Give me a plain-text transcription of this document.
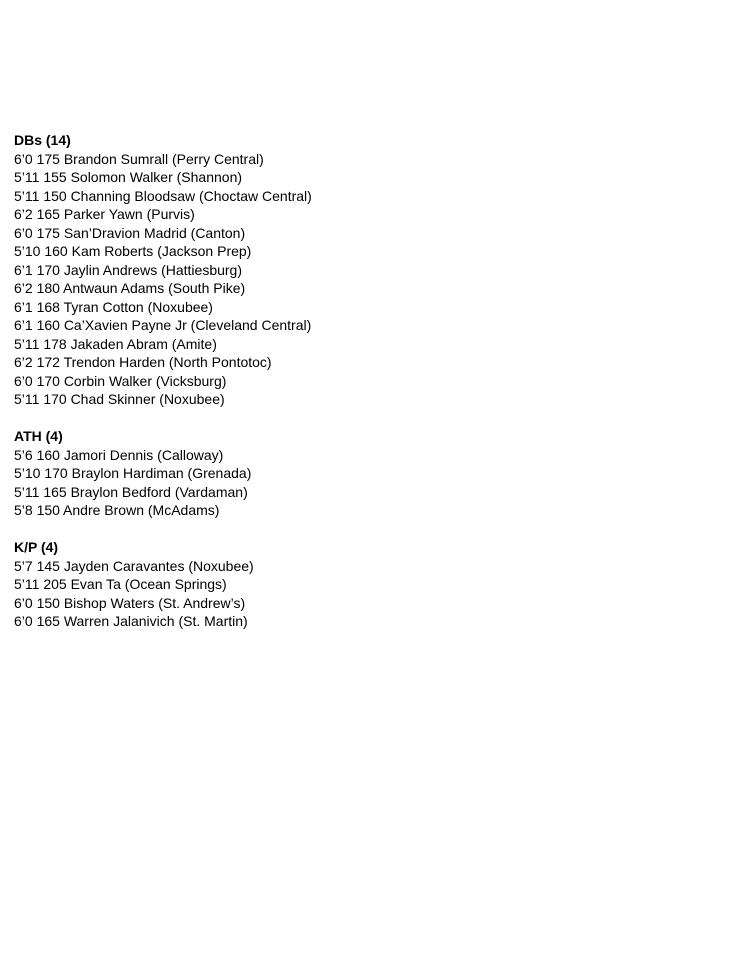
DBs (14)
6’0 175 Brandon Sumrall (Perry Central)
5’11 155 Solomon Walker (Shannon)
5’11 150 Channing Bloodsaw (Choctaw Central)
6’2 165 Parker Yawn (Purvis)
6’0 175 San’Dravion Madrid (Canton)
5’10 160 Kam Roberts (Jackson Prep)
6’1 170 Jaylin Andrews (Hattiesburg)
6’2 180 Antwaun Adams (South Pike)
6’1 168 Tyran Cotton (Noxubee)
6’1 160 Ca’Xavien Payne Jr (Cleveland Central)
5’11 178 Jakaden Abram (Amite)
6’2 172 Trendon Harden (North Pontotoc)
6’0 170 Corbin Walker (Vicksburg)
5’11 170 Chad Skinner (Noxubee)
ATH (4)
5’6 160 Jamori Dennis (Calloway)
5’10 170 Braylon Hardiman (Grenada)
5’11 165 Braylon Bedford (Vardaman)
5’8 150 Andre Brown (McAdams)
K/P (4)
5’7 145 Jayden Caravantes (Noxubee)
5’11 205 Evan Ta (Ocean Springs)
6’0 150 Bishop Waters (St. Andrew’s)
6’0 165 Warren Jalanivich (St. Martin)
